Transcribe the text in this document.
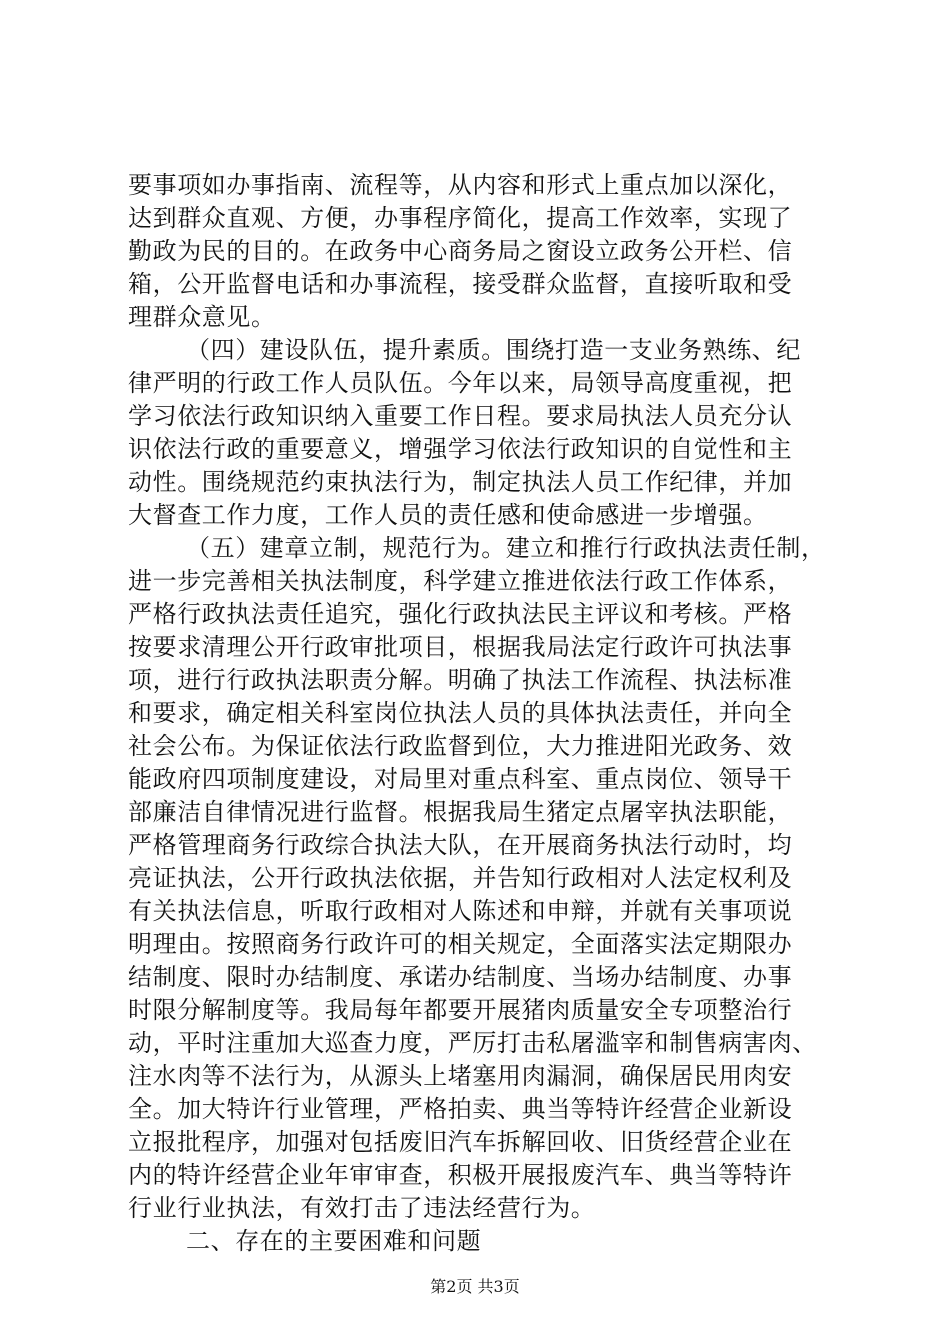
要事项如办事指南、流程等，从内容和形式上重点加以深化，
达到群众直观、方便，办事程序简化，提高工作效率，实现了
勤政为民的目的。在政务中心商务局之窗设立政务公开栏、信
箱，公开监督电话和办事流程，接受群众监督，直接听取和受
理群众意见。
（四）建设队伍，提升素质。围绕打造一支业务熟练、纪
律严明的行政工作人员队伍。今年以来，局领导高度重视，把
学习依法行政知识纳入重要工作日程。要求局执法人员充分认
识依法行政的重要意义，增强学习依法行政知识的自觉性和主
动性。围绕规范约束执法行为，制定执法人员工作纪律，并加
大督查工作力度，工作人员的责任感和使命感进一步增强。
（五）建章立制，规范行为。建立和推行行政执法责任制，
进一步完善相关执法制度，科学建立推进依法行政工作体系，
严格行政执法责任追究，强化行政执法民主评议和考核。严格
按要求清理公开行政审批项目，根据我局法定行政许可执法事
项，进行行政执法职责分解。明确了执法工作流程、执法标准
和要求，确定相关科室岗位执法人员的具体执法责任，并向全
社会公布。为保证依法行政监督到位，大力推进阳光政务、效
能政府四项制度建设，对局里对重点科室、重点岗位、领导干
部廉洁自律情况进行监督。根据我局生猪定点屠宰执法职能，
严格管理商务行政综合执法大队，在开展商务执法行动时，均
亮证执法，公开行政执法依据，并告知行政相对人法定权利及
有关执法信息，听取行政相对人陈述和申辩，并就有关事项说
明理由。按照商务行政许可的相关规定，全面落实法定期限办
结制度、限时办结制度、承诺办结制度、当场办结制度、办事
时限分解制度等。我局每年都要开展猪肉质量安全专项整治行
动，平时注重加大巡查力度，严厉打击私屠滥宰和制售病害肉、
注水肉等不法行为，从源头上堵塞用肉漏洞，确保居民用肉安
全。加大特许行业管理，严格拍卖、典当等特许经营企业新设
立报批程序，加强对包括废旧汽车拆解回收、旧货经营企业在
内的特许经营企业年审审查，积极开展报废汽车、典当等特许
行业行业执法，有效打击了违法经营行为。
二、存在的主要困难和问题
第2页 共3页
